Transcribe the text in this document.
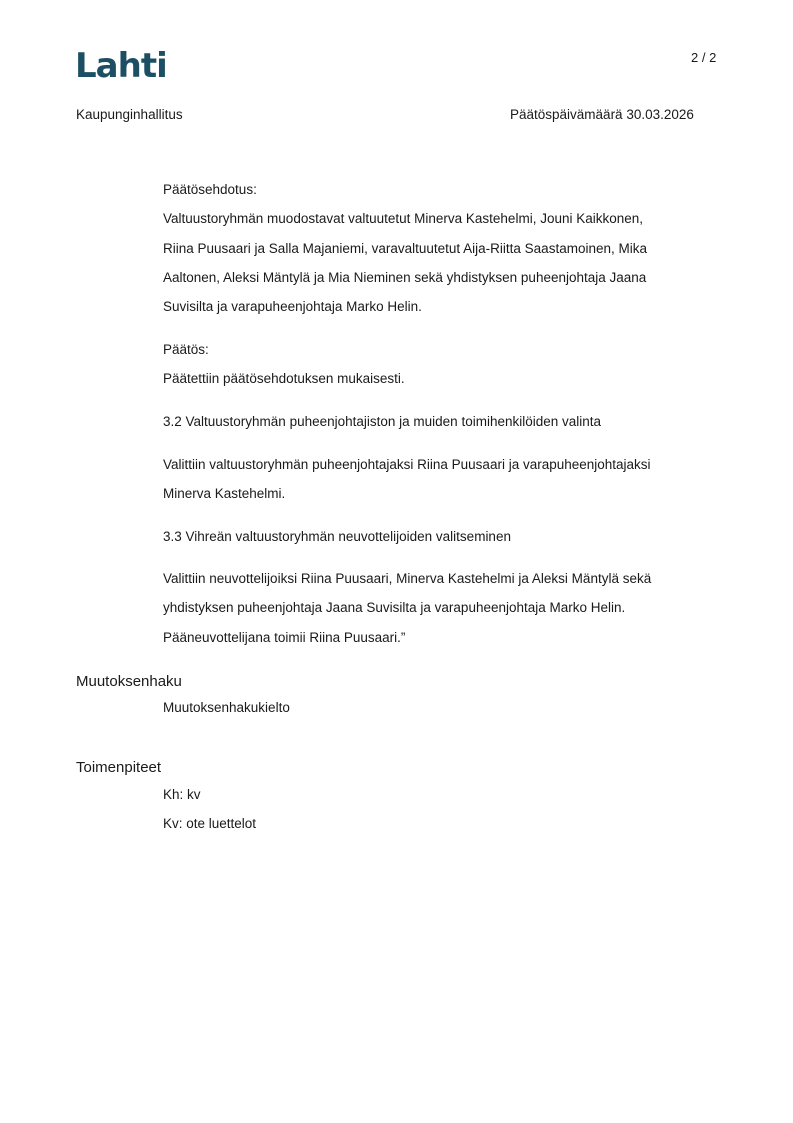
Lahti	2 / 2
Kaupunginhallitus	Päätöspäivämäärä 30.03.2026

Päätösehdotus:

Valtuustoryhmän muodostavat valtuutetut Minerva Kastehelmi, Jouni Kaikkonen,

Riina Puusaari ja Salla Majaniemi, varavaltuutetut Aija-Riitta Saastamoinen, Mika

Aaltonen, Aleksi Mäntylä ja Mia Nieminen sekä yhdistyksen puheenjohtaja Jaana

Suvisilta ja varapuheenjohtaja Marko Helin.

Päätös:

Päätettiin päätösehdotuksen mukaisesti.

3.2 Valtuustoryhmän puheenjohtajiston ja muiden toimihenkilöiden valinta

Valittiin valtuustoryhmän puheenjohtajaksi Riina Puusaari ja varapuheenjohtajaksi

Minerva Kastehelmi.

3.3 Vihreän valtuustoryhmän neuvottelijoiden valitseminen

Valittiin neuvottelijoiksi Riina Puusaari, Minerva Kastehelmi ja Aleksi Mäntylä sekä

yhdistyksen puheenjohtaja Jaana Suvisilta ja varapuheenjohtaja Marko Helin.

Pääneuvottelijana toimii Riina Puusaari.”

Muutoksenhaku
Muutoksenhakukielto
Toimenpiteet

Kh: kv

Kv: ote luettelot
